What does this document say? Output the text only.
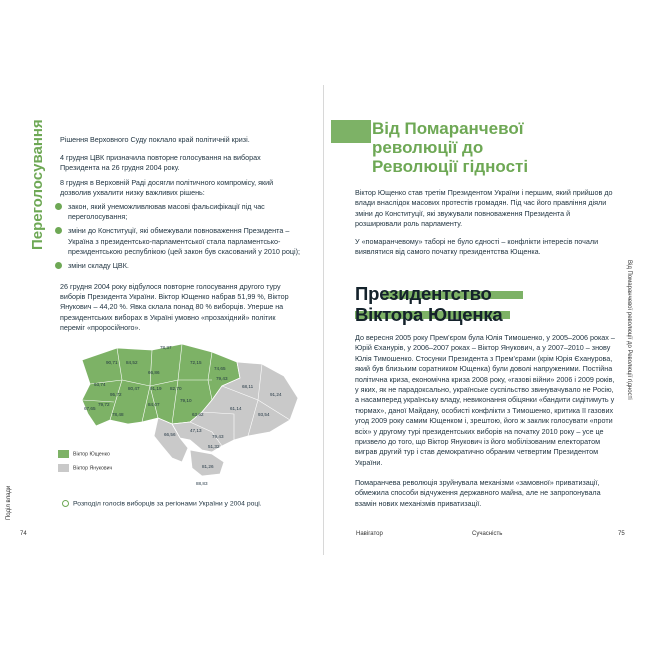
Переголосування
Поділ влади

Рішення Верховного Суду поклало край політичній кризі.

4 грудня ЦВК призначила повторне голосування на виборах Президента на 26 грудня 2004 року.

8 грудня в Верховній Раді досягли політичного компромісу, який дозволив ухвалити низку важливих рішень:

закон, який унеможливлював масові фальсифікації під час переголосування;
зміни до Конституції, які обмежували повноваження Президента – Україна з президентсько-парламентської стала парламентсько-президентською республікою (цей закон був скасований у 2010 році);
зміни складу ЦВК.

26 грудня 2004 року відбулося повторне голосування другого туру виборів Президента України. Віктор Ющенко набрав 51,99 %, Віктор Янукович – 44,20 %. Явка склала понад 80 % виборців. Уперше на президентських виборах в Україні умовно «прозахідний» політик переміг «проросійного».

78,37
90,71 84,52	72,15
74,65
66,86
79,43
93,74
95,72
80,47 91,19 82,70
84,07
67,65
79,72
78,48
79,10
63,62
68,11
91,24
61,14
93,54
47,13
66,56	79,43
51,32
81,26
88,83
Віктор Ющенко
Віктор Янукович
Розподіл голосів виборців за регіонами України у 2004 році.
74
Від Помаранчевої революції до Революції гідності

Віктор Ющенко став третім Президентом України і першим, який прийшов до влади внаслідок масових протестів громадян. Під час його правління діяли зміни до Конституції, які звужували повноваження Президента й розширювали роль парламенту.

У «помаранчевому» таборі не було єдності – конфлікти інтересів почали виявлятися від самого початку президентства Ющенка.

Президентство Віктора Ющенка

До вересня 2005 року Прем’єром була Юлія Тимошенко, у 2005–2006 роках – Юрій Єханурів, у 2006–2007 роках – Віктор Янукович, а у 2007–2010 – знову Юлія Тимошенко. Стосунки Президента з Прем’єрами (крім Юрія Єханурова, який був близьким соратником Ющенка) були доволі напруженими. Постійна політична криза, економічна криза 2008 року, «газові війни» 2006 і 2009 років, у яких, як не парадоксально, українське суспільство звинувачувало не Росію, а насамперед українську владу, невиконання обіцянки «бандити сидітимуть у тюрмах», даної Майдану, особисті конфлікти з Тимошенко, критика її газових угод 2009 року самим Ющенком і, зрештою, його ж заклик голосувати «проти всіх» у другому турі президентських виборів на початку 2010 року – усе це призвело до того, що Віктор Янукович із його мобілізованим електоратом виграв другий тур і став демократично обраним четвертим Президентом України.

Помаранчева революція зруйнувала механізми «замовної» приватизації, обмежила способи відчуження державного майна, але не запропонувала взамін нових механізмів приватизації.

Від Помаранчевої революції до Революції гідності
Навігатор	Сучасність	75
